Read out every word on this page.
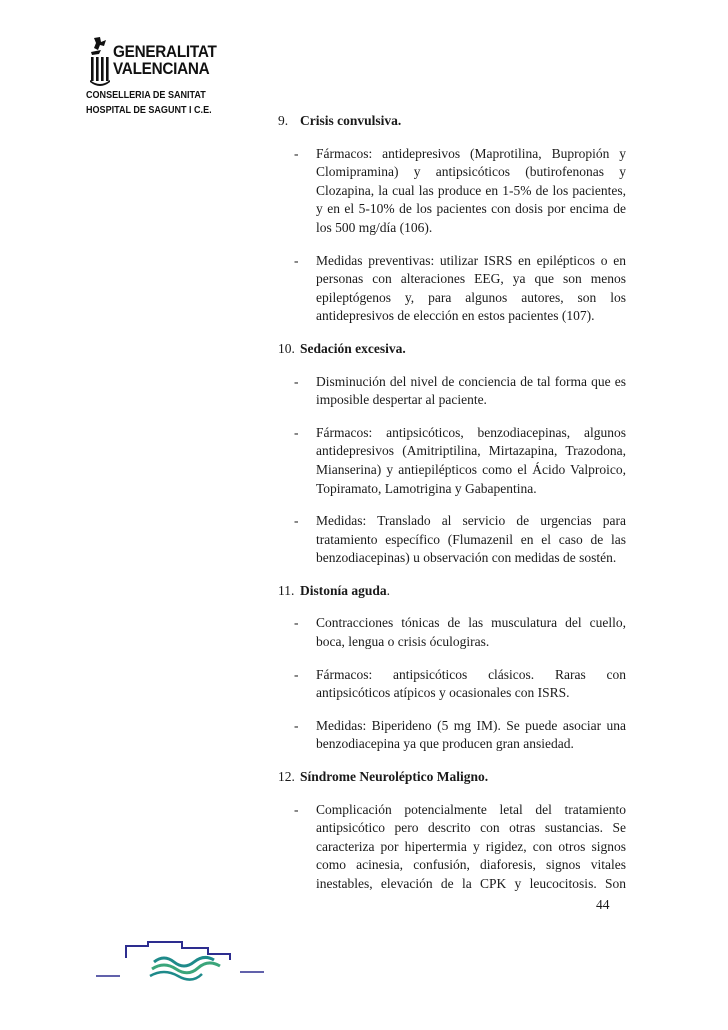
GENERALITAT
VALENCIANA
CONSELLERIA DE SANITAT
HOSPITAL DE SAGUNT I C.E.
9. Crisis convulsiva.
- Fármacos: antidepresivos (Maprotilina, Bupropión y Clomipramina) y antipsicóticos (butirofenonas y Clozapina, la cual las produce en 1-5% de los pacientes, y en el 5-10% de los pacientes con dosis por encima de los 500 mg/día (106).

- Medidas preventivas: utilizar ISRS en epilépticos o en personas con alteraciones EEG, ya que son menos epileptógenos y, para algunos autores, son los antidepresivos de elección en estos pacientes (107).

10. Sedación excesiva.
- Disminución del nivel de conciencia de tal forma que es imposible despertar al paciente.

- Fármacos: antipsicóticos, benzodiacepinas, algunos antidepresivos (Amitriptilina, Mirtazapina, Trazodona, Mianserina) y antiepilépticos como el Ácido Valproico, Topiramato, Lamotrigina y Gabapentina.

- Medidas: Translado al servicio de urgencias para tratamiento específico (Flumazenil en el caso de las benzodiacepinas) u observación con medidas de sostén.

11. Distonía aguda.
- Contracciones tónicas de las musculatura del cuello, boca, lengua o crisis óculogiras.

- Fármacos: antipsicóticos clásicos. Raras con antipsicóticos atípicos y ocasionales con ISRS.

- Medidas: Biperideno (5 mg IM). Se puede asociar una benzodiacepina ya que producen gran ansiedad.

12. Síndrome Neuroléptico Maligno.
- Complicación potencialmente letal del tratamiento antipsicótico pero descrito con otras sustancias. Se caracteriza por hipertermia y rigidez, con otros signos como acinesia, confusión, diaforesis, signos vitales inestables, elevación de la CPK y leucocitosis. Son

44
